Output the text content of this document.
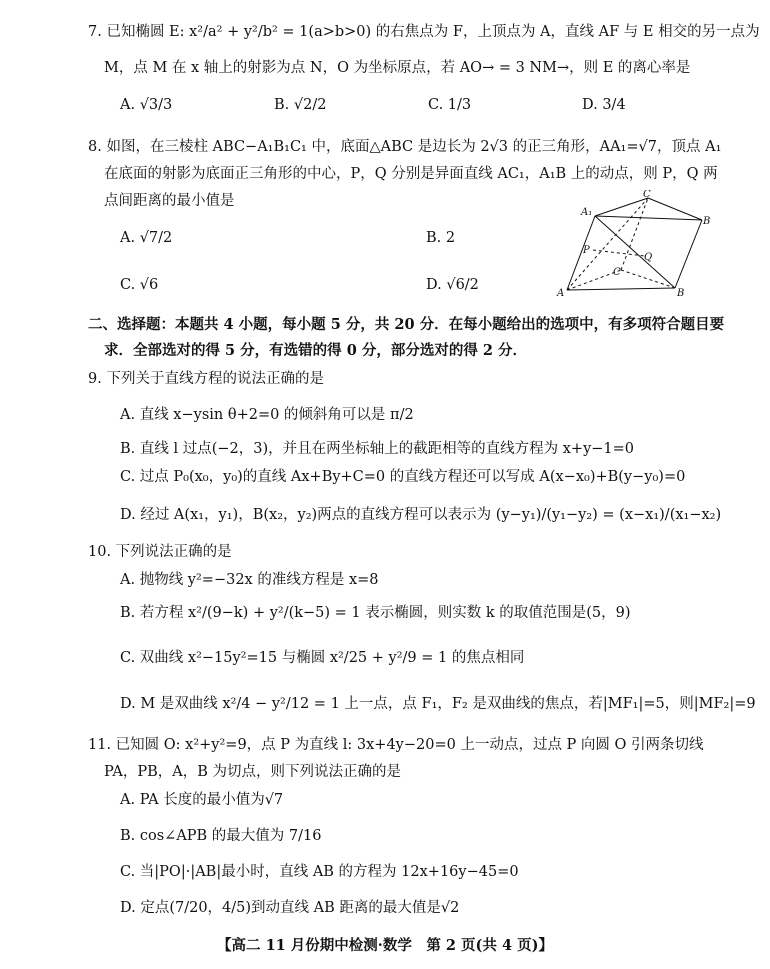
7. 已知椭圆 E: x²/a² + y²/b² = 1(a>b>0) 的右焦点为 F，上顶点为 A，直线 AF 与 E 相交的另一点为
M，点 M 在 x 轴上的射影为点 N，O 为坐标原点，若 AO→ = 3 NM→，则 E 的离心率是
A. √3/3	B. √2/2	C. 1/3	D. 3/4
8. 如图，在三棱柱 ABC−A₁B₁C₁ 中，底面△ABC 是边长为 2√3 的正三角形，AA₁=√7，顶点 A₁
在底面的射影为底面正三角形的中心，P，Q 分别是异面直线 AC₁，A₁B 上的动点，则 P，Q 两
点间距离的最小值是
A. √7/2	B. 2
C. √6	D. √6/2
C
A₁
B
P
Q
C
A	B
二、选择题：本题共 4 小题，每小题 5 分，共 20 分．在每小题给出的选项中，有多项符合题目要
求．全部选对的得 5 分，有选错的得 0 分，部分选对的得 2 分．
9. 下列关于直线方程的说法正确的是
A. 直线 x−ysin θ+2=0 的倾斜角可以是 π/2
B. 直线 l 过点(−2，3)，并且在两坐标轴上的截距相等的直线方程为 x+y−1=0
C. 过点 P₀(x₀，y₀)的直线 Ax+By+C=0 的直线方程还可以写成 A(x−x₀)+B(y−y₀)=0
D. 经过 A(x₁，y₁)，B(x₂，y₂)两点的直线方程可以表示为 (y−y₁)/(y₁−y₂) = (x−x₁)/(x₁−x₂)
10. 下列说法正确的是
A. 抛物线 y²=−32x 的准线方程是 x=8
B. 若方程 x²/(9−k) + y²/(k−5) = 1 表示椭圆，则实数 k 的取值范围是(5，9)
C. 双曲线 x²−15y²=15 与椭圆 x²/25 + y²/9 = 1 的焦点相同
D. M 是双曲线 x²/4 − y²/12 = 1 上一点，点 F₁，F₂ 是双曲线的焦点，若|MF₁|=5，则|MF₂|=9
11. 已知圆 O: x²+y²=9，点 P 为直线 l: 3x+4y−20=0 上一动点，过点 P 向圆 O 引两条切线
PA，PB，A，B 为切点，则下列说法正确的是
A. PA 长度的最小值为√7
B. cos∠APB 的最大值为 7/16
C. 当|PO|·|AB|最小时，直线 AB 的方程为 12x+16y−45=0
D. 定点(7/20，4/5)到动直线 AB 距离的最大值是√2
【高二 11 月份期中检测·数学　第 2 页(共 4 页)】
